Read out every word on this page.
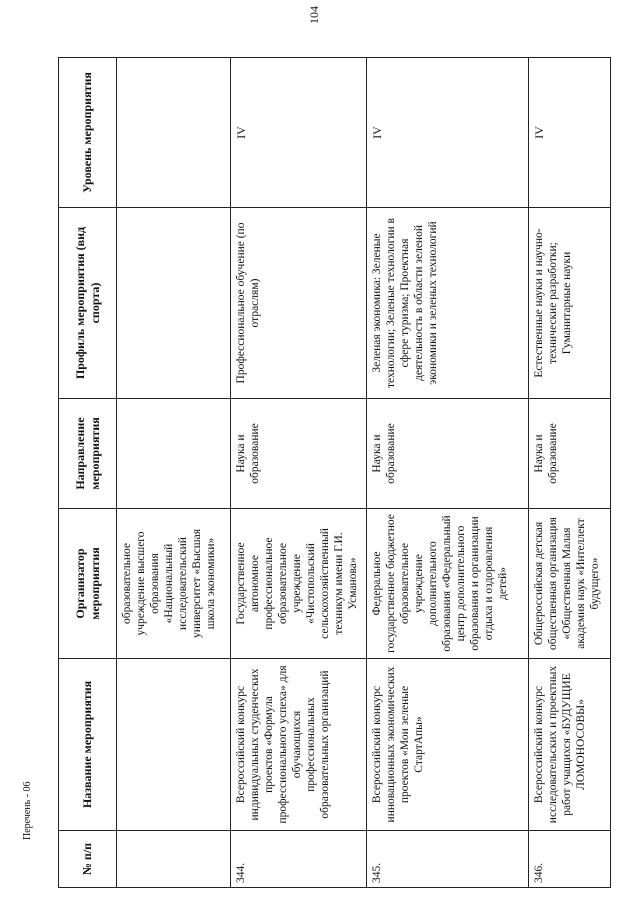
104
№ п/п	Название мероприятия	Организатор мероприятия	Направление мероприятия	Профиль мероприятия (вид спорта)	Уровень мероприятия
		образовательное учреждение высшего образования «Национальный исследовательский университет «Высшая школа экономики»			
344.	Всероссийский конкурс индивидуальных студенческих проектов «Формула профессионального успеха» для обучающихся профессиональных образовательных организаций	Государственное автономное профессиональное образовательное учреждение «Чистопольский сельскохозяйственный техникум имени Г.И. Усманова»	Наука и образование	Профессиональное обучение (по отраслям)	IV
345.	Всероссийский конкурс инновационных экономических проектов «Мои зеленые СтартАпы»	Федеральное государственное бюджетное образовательное учреждение дополнительного образования «Федеральный центр дополнительного образования и организации отдыха и оздоровления детей»	Наука и образование	Зеленая экономика: Зеленые технологии; Зеленые технологии в сфере туризма; Проектная деятельность в области зеленой экономики и зеленых технологий	IV
346.	Всероссийский конкурс исследовательских и проектных работ учащихся «БУДУЩИЕ ЛОМОНОСОВЫ»	Общероссийская детская общественная организация «Общественная Малая академия наук «Интеллект будущего»	Наука и образование	Естественные науки и научно-технические разработки; Гуманитарные науки	IV
Перечень - 06
